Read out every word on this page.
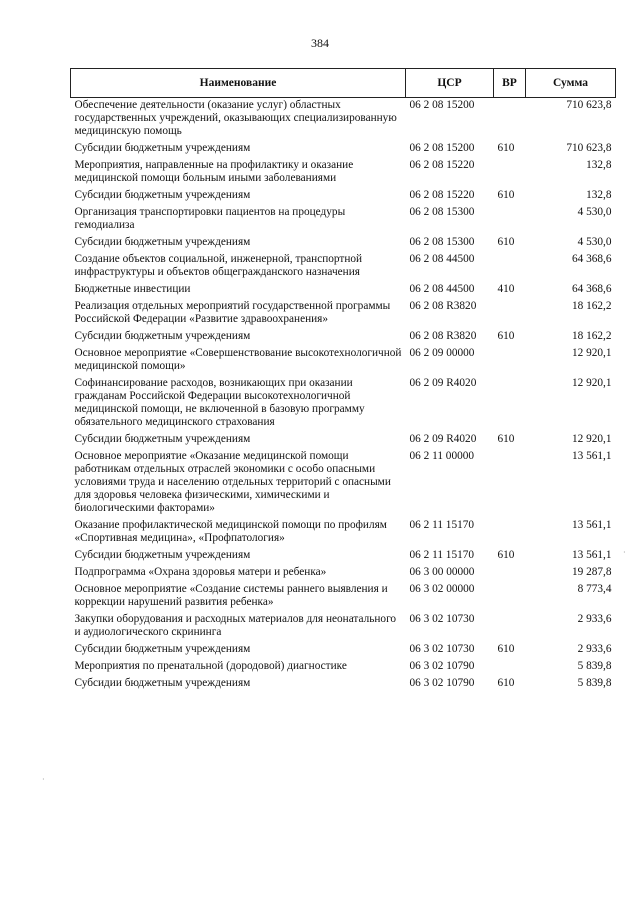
384
Наименование	ЦСР	ВР	Сумма
Обеспечение деятельности (оказание услуг) областных государственных учреждений, оказывающих специализированную медицинскую помощь	06 2 08 15200		710 623,8
Субсидии бюджетным учреждениям	06 2 08 15200	610	710 623,8
Мероприятия, направленные на профилактику и оказание медицинской помощи больным иными заболеваниями	06 2 08 15220		132,8
Субсидии бюджетным учреждениям	06 2 08 15220	610	132,8
Организация транспортировки пациентов на процедуры гемодиализа	06 2 08 15300		4 530,0
Субсидии бюджетным учреждениям	06 2 08 15300	610	4 530,0
Создание объектов социальной, инженерной, транспортной инфраструктуры и объектов общегражданского назначения	06 2 08 44500		64 368,6
Бюджетные инвестиции	06 2 08 44500	410	64 368,6
Реализация отдельных мероприятий государственной программы Российской Федерации «Развитие здравоохранения»	06 2 08 R3820		18 162,2
Субсидии бюджетным учреждениям	06 2 08 R3820	610	18 162,2
Основное мероприятие «Совершенствование высокотехнологичной медицинской помощи»	06 2 09 00000		12 920,1
Софинансирование расходов, возникающих при оказании гражданам Российской Федерации высокотехнологичной медицинской помощи, не включенной в базовую программу обязательного медицинского страхования	06 2 09 R4020		12 920,1
Субсидии бюджетным учреждениям	06 2 09 R4020	610	12 920,1
Основное мероприятие «Оказание медицинской помощи работникам отдельных отраслей экономики с особо опасными условиями труда и населению отдельных территорий с опасными для здоровья человека физическими, химическими и биологическими факторами»	06 2 11 00000		13 561,1
Оказание профилактической медицинской помощи по профилям «Спортивная медицина», «Профпатология»	06 2 11 15170		13 561,1
Субсидии бюджетным учреждениям	06 2 11 15170	610	13 561,1
Подпрограмма «Охрана здоровья матери и ребенка»	06 3 00 00000		19 287,8
Основное мероприятие «Создание системы раннего выявления и коррекции нарушений развития ребенка»	06 3 02 00000		8 773,4
Закупки оборудования и расходных материалов для неонатального и аудиологического скрининга	06 3 02 10730		2 933,6
Субсидии бюджетным учреждениям	06 3 02 10730	610	2 933,6
Мероприятия по пренатальной (дородовой) диагностике	06 3 02 10790		5 839,8
Субсидии бюджетным учреждениям	06 3 02 10790	610	5 839,8
·
·
